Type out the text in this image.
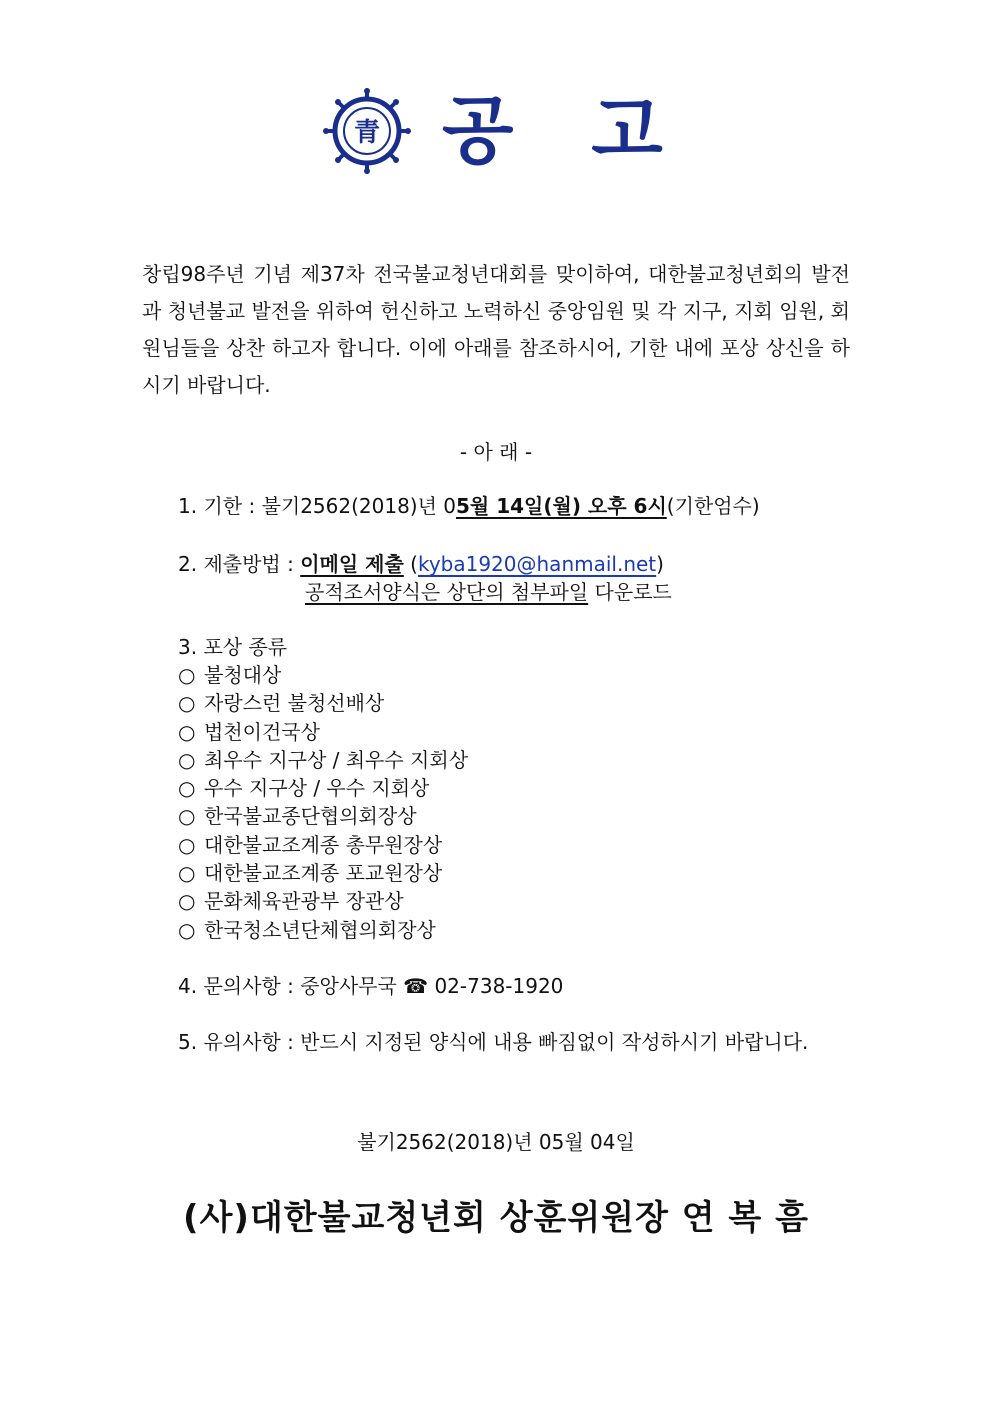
青 공 고
창립98주년 기념 제37차 전국불교청년대회를 맞이하여, 대한불교청년회의 발전과 청년불교 발전을 위하여 헌신하고 노력하신 중앙임원 및 각 지구, 지회 임원, 회원님들을 상찬 하고자 합니다. 이에 아래를 참조하시어, 기한 내에 포상 상신을 하시기 바랍니다.
- 아 래 -
1. 기한 : 불기2562(2018)년 05월 14일(월) 오후 6시(기한엄수)
2. 제출방법 : 이메일 제출 (kyba1920@hanmail.net)
공적조서양식은 상단의 첨부파일 다운로드
3. 포상 종류
○ 불청대상
○ 자랑스런 불청선배상
○ 법천이건국상
○ 최우수 지구상 / 최우수 지회상
○ 우수 지구상 / 우수 지회상
○ 한국불교종단협의회장상
○ 대한불교조계종 총무원장상
○ 대한불교조계종 포교원장상
○ 문화체육관광부 장관상
○ 한국청소년단체협의회장상
4. 문의사항 : 중앙사무국 ☎ 02-738-1920
5. 유의사항 : 반드시 지정된 양식에 내용 빠짐없이 작성하시기 바랍니다.
불기2562(2018)년 05월 04일
(사)대한불교청년회 상훈위원장 연 복 흠
